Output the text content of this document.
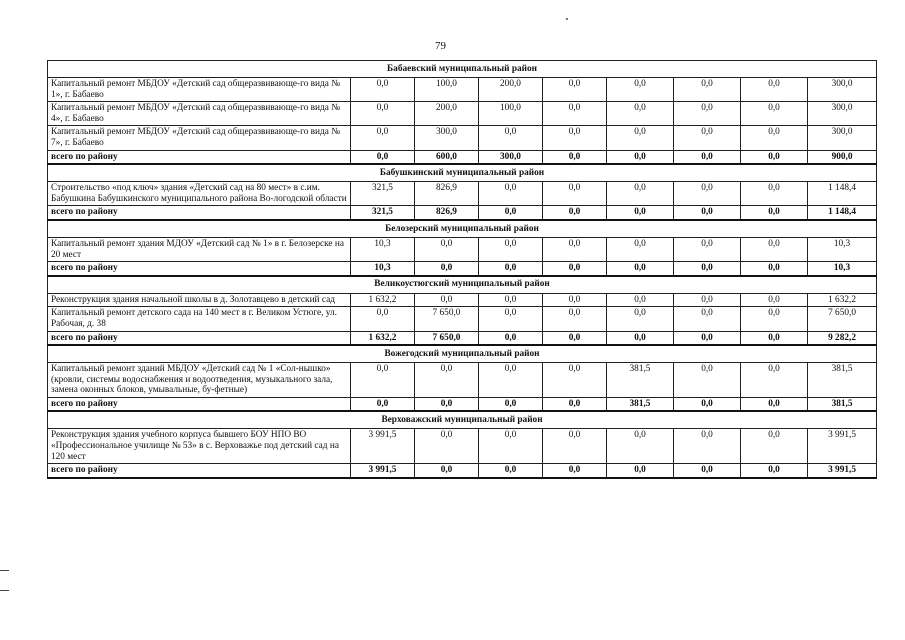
79
Бабаевский муниципальный район								
Капитальный ремонт МБДОУ «Детский сад общеразвивающе-го вида № 1», г. Бабаево	0,0	100,0	200,0	0,0	0,0	0,0	0,0	300,0
Капитальный ремонт МБДОУ «Детский сад общеразвивающе-го вида № 4», г. Бабаево	0,0	200,0	100,0	0,0	0,0	0,0	0,0	300,0
Капитальный ремонт МБДОУ «Детский сад общеразвивающе-го вида № 7», г. Бабаево	0,0	300,0	0,0	0,0	0,0	0,0	0,0	300,0
всего по району	0,0	600,0	300,0	0,0	0,0	0,0	0,0	900,0
Бабушкинский муниципальный район								
Строительство «под ключ» здания «Детский сад на 80 мест» в с.им. Бабушкина Бабушкинского муниципального района Во-логодской области	321,5	826,9	0,0	0,0	0,0	0,0	0,0	1 148,4
всего по району	321,5	826,9	0,0	0,0	0,0	0,0	0,0	1 148,4
Белозерский муниципальный район								
Капитальный ремонт здания МДОУ «Детский сад № 1» в г. Белозерске на 20 мест	10,3	0,0	0,0	0,0	0,0	0,0	0,0	10,3
всего по району	10,3	0,0	0,0	0,0	0,0	0,0	0,0	10,3
Великоустюгский муниципальный район								
Реконструкция здания начальной школы в д. Золотавцево в детский сад	1 632,2	0,0	0,0	0,0	0,0	0,0	0,0	1 632,2
Капитальный ремонт детского сада на 140 мест в г. Великом Устюге, ул. Рабочая, д. 38	0,0	7 650,0	0,0	0,0	0,0	0,0	0,0	7 650,0
всего по району	1 632,2	7 650,0	0,0	0,0	0,0	0,0	0,0	9 282,2
Вожегодский муниципальный район								
Капитальный ремонт зданий МБДОУ «Детский сад № 1 «Сол-нышко» (кровли, системы водоснабжения и водоотведения, музыкального зала, замена оконных блоков, умывальные, бу-фетные)	0,0	0,0	0,0	0,0	381,5	0,0	0,0	381,5
всего по району	0,0	0,0	0,0	0,0	381,5	0,0	0,0	381,5
Верховажский муниципальный район								
Реконструкция здания учебного корпуса бывшего БОУ НПО ВО «Профессиональное училище № 53» в с. Верховажье под детский сад на 120 мест	3 991,5	0,0	0,0	0,0	0,0	0,0	0,0	3 991,5
всего по району	3 991,5	0,0	0,0	0,0	0,0	0,0	0,0	3 991,5
